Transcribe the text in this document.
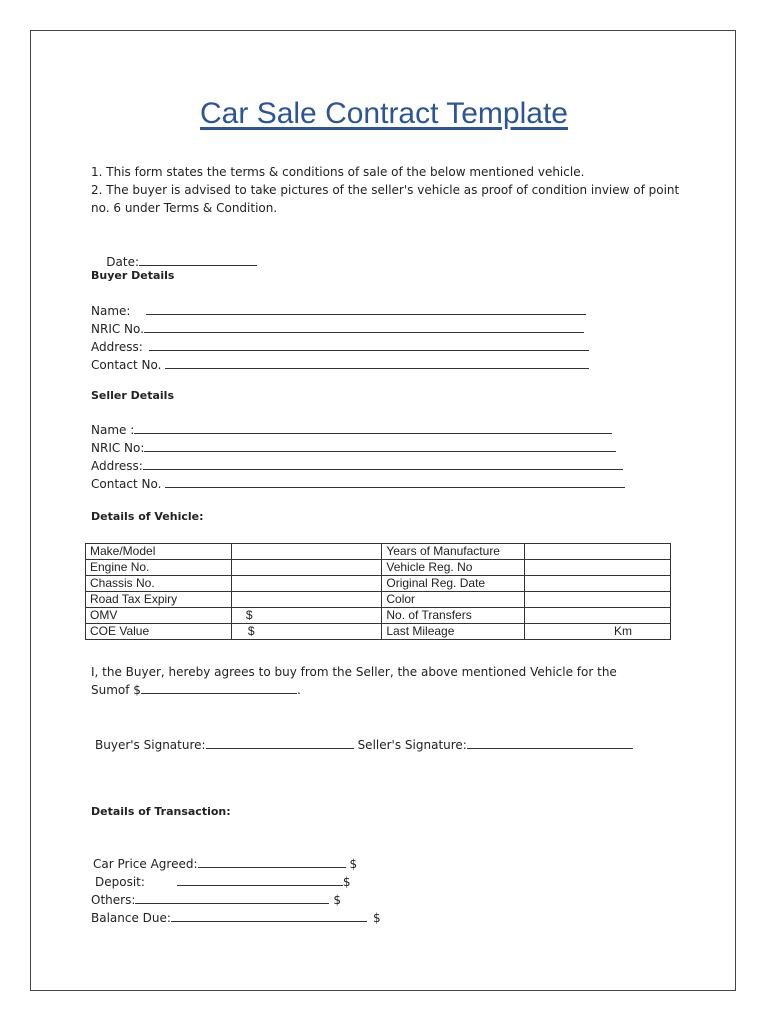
Car Sale Contract Template
1. This form states the terms & conditions of sale of the below mentioned vehicle.
2. The buyer is advised to take pictures of the seller's vehicle as proof of condition inview of point
no. 6 under Terms & Condition.

Date:

Buyer Details
Name:
NRIC No.
Address:
Contact No.
Seller Details
Name :
NRIC No:
Address:
Contact No.
Details of Vehicle:
Make/Model		Years of Manufacture	
Engine No.		Vehicle Reg. No	
Chassis No.		Original Reg. Date	
Road Tax Expiry		Color	
OMV	$	No. of Transfers	
COE Value	$	Last Mileage	Km
I, the Buyer, hereby agrees to buy from the Seller, the above mentioned Vehicle for the
Sumof $	.
Buyer's Signature:	Seller's Signature:
Details of Transaction:
Car Price Agreed:	$
Deposit:	$
Others:	$
Balance Due:	$
